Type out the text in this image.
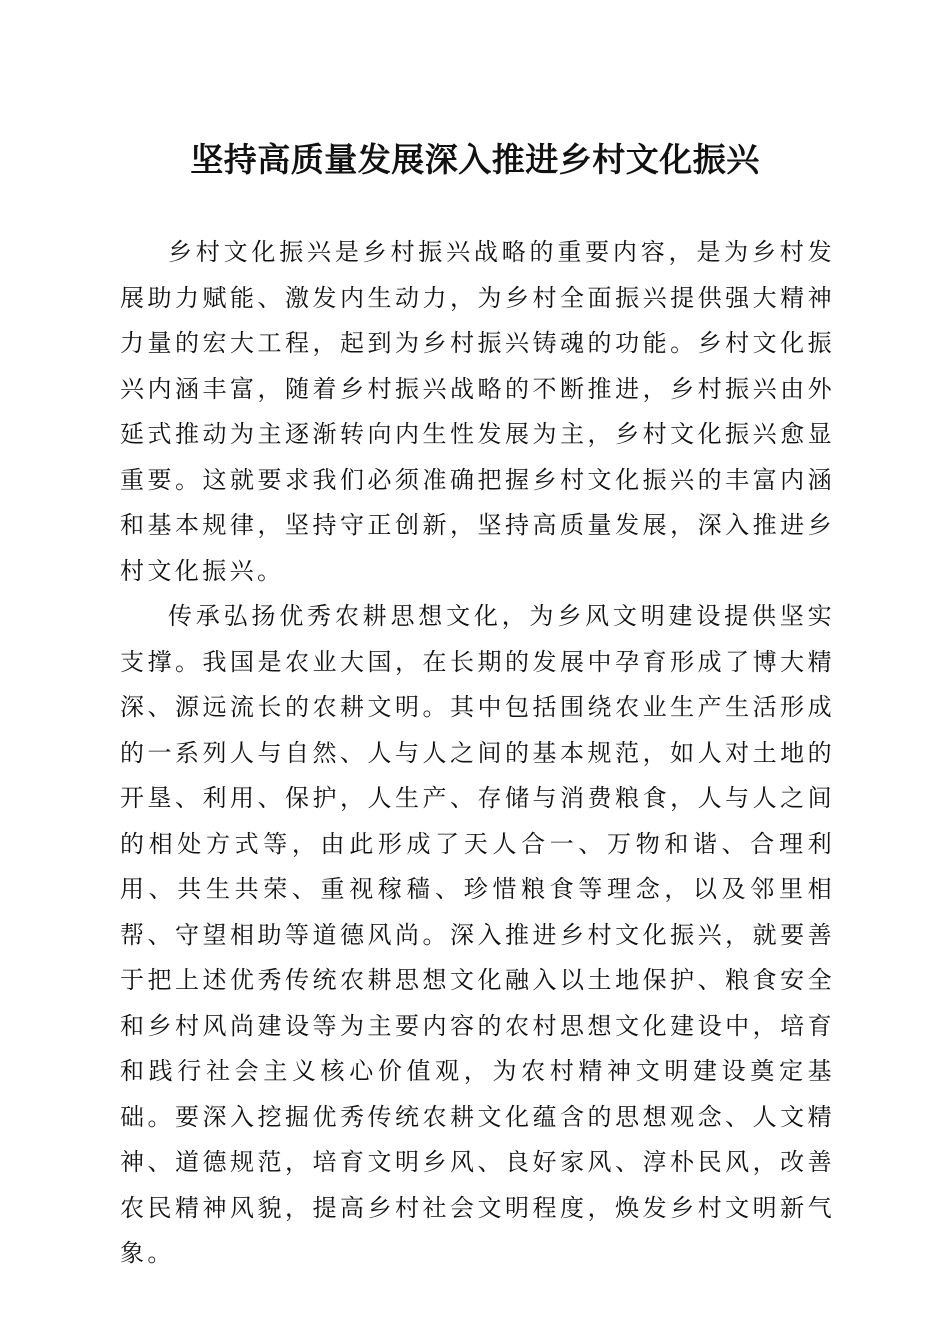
坚持高质量发展深入推进乡村文化振兴

乡村文化振兴是乡村振兴战略的重要内容，是为乡村发展助力赋能、激发内生动力，为乡村全面振兴提供强大精神力量的宏大工程，起到为乡村振兴铸魂的功能。乡村文化振兴内涵丰富，随着乡村振兴战略的不断推进，乡村振兴由外延式推动为主逐渐转向内生性发展为主，乡村文化振兴愈显重要。这就要求我们必须准确把握乡村文化振兴的丰富内涵和基本规律，坚持守正创新，坚持高质量发展，深入推进乡村文化振兴。

传承弘扬优秀农耕思想文化，为乡风文明建设提供坚实支撑。我国是农业大国，在长期的发展中孕育形成了博大精深、源远流长的农耕文明。其中包括围绕农业生产生活形成的一系列人与自然、人与人之间的基本规范，如人对土地的开垦、利用、保护，人生产、存储与消费粮食，人与人之间的相处方式等，由此形成了天人合一、万物和谐、合理利用、共生共荣、重视稼穑、珍惜粮食等理念，以及邻里相帮、守望相助等道德风尚。深入推进乡村文化振兴，就要善于把上述优秀传统农耕思想文化融入以土地保护、粮食安全和乡村风尚建设等为主要内容的农村思想文化建设中，培育和践行社会主义核心价值观，为农村精神文明建设奠定基础。要深入挖掘优秀传统农耕文化蕴含的思想观念、人文精神、道德规范，培育文明乡风、良好家风、淳朴民风，改善农民精神风貌，提高乡村社会文明程度，焕发乡村文明新气象。
